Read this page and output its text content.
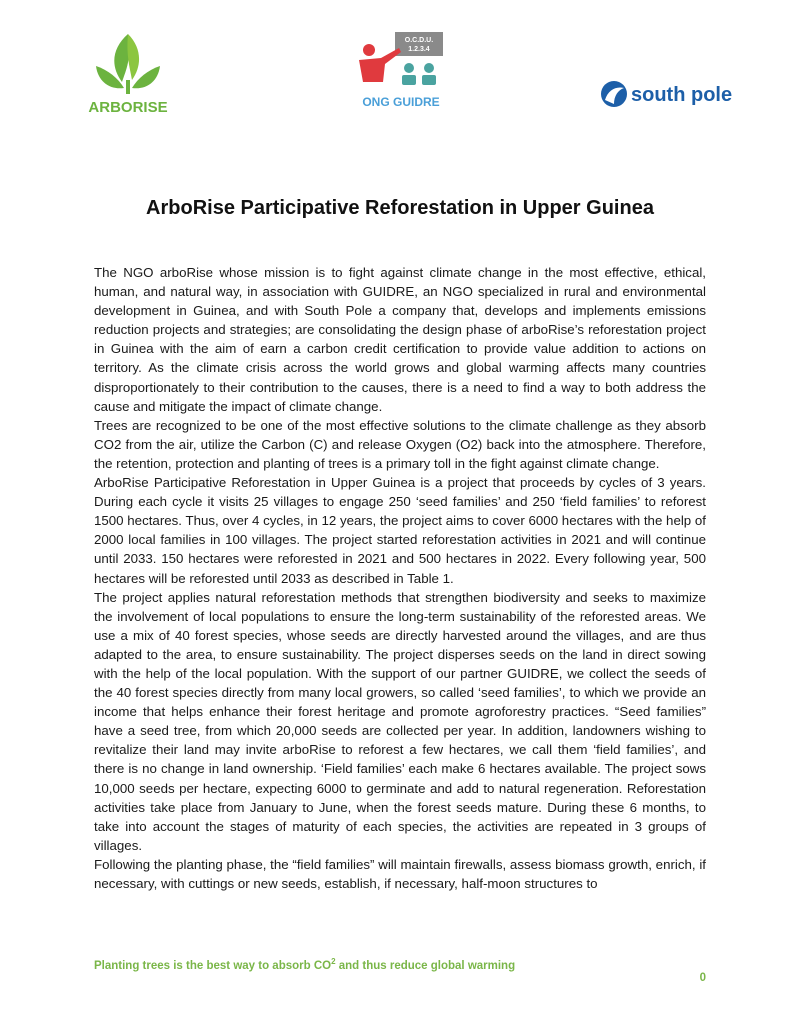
ARBORISE
O.C.D.U.
1.2.3.4
ONG GUIDRE	south pole
ArboRise Participative Reforestation in Upper Guinea

The NGO arboRise whose mission is to fight against climate change in the most effective, ethical, human, and natural way, in association with GUIDRE, an NGO specialized in rural and environmental development in Guinea, and with South Pole a company that, develops and implements emissions reduction projects and strategies; are consolidating the design phase of arboRise’s reforestation project in Guinea with the aim of earn a carbon credit certification to provide value addition to actions on territory. As the climate crisis across the world grows and global warming affects many countries disproportionately to their contribution to the causes, there is a need to find a way to both address the cause and mitigate the impact of climate change.

Trees are recognized to be one of the most effective solutions to the climate challenge as they absorb CO2 from the air, utilize the Carbon (C) and release Oxygen (O2) back into the atmosphere. Therefore, the retention, protection and planting of trees is a primary toll in the fight against climate change.

ArboRise Participative Reforestation in Upper Guinea is a project that proceeds by cycles of 3 years. During each cycle it visits 25 villages to engage 250 ‘seed families’ and 250 ‘field families’ to reforest 1500 hectares. Thus, over 4 cycles, in 12 years, the project aims to cover 6000 hectares with the help of 2000 local families in 100 villages. The project started reforestation activities in 2021 and will continue until 2033. 150 hectares were reforested in 2021 and 500 hectares in 2022. Every following year, 500 hectares will be reforested until 2033 as described in Table 1.

The project applies natural reforestation methods that strengthen biodiversity and seeks to maximize the involvement of local populations to ensure the long-term sustainability of the reforested areas. We use a mix of 40 forest species, whose seeds are directly harvested around the villages, and are thus adapted to the area, to ensure sustainability. The project disperses seeds on the land in direct sowing with the help of the local population. With the support of our partner GUIDRE, we collect the seeds of the 40 forest species directly from many local growers, so called ‘seed families’, to which we provide an income that helps enhance their forest heritage and promote agroforestry practices. “Seed families” have a seed tree, from which 20,000 seeds are collected per year. In addition, landowners wishing to revitalize their land may invite arboRise to reforest a few hectares, we call them ‘field families’, and there is no change in land ownership. ‘Field families’ each make 6 hectares available. The project sows 10,000 seeds per hectare, expecting 6000 to germinate and add to natural regeneration. Reforestation activities take place from January to June, when the forest seeds mature. During these 6 months, to take into account the stages of maturity of each species, the activities are repeated in 3 groups of villages.

Following the planting phase, the “field families” will maintain firewalls, assess biomass growth, enrich, if necessary, with cuttings or new seeds, establish, if necessary, half-moon structures to

Planting trees is the best way to absorb $CO^2$ and thus reduce global warming
0
